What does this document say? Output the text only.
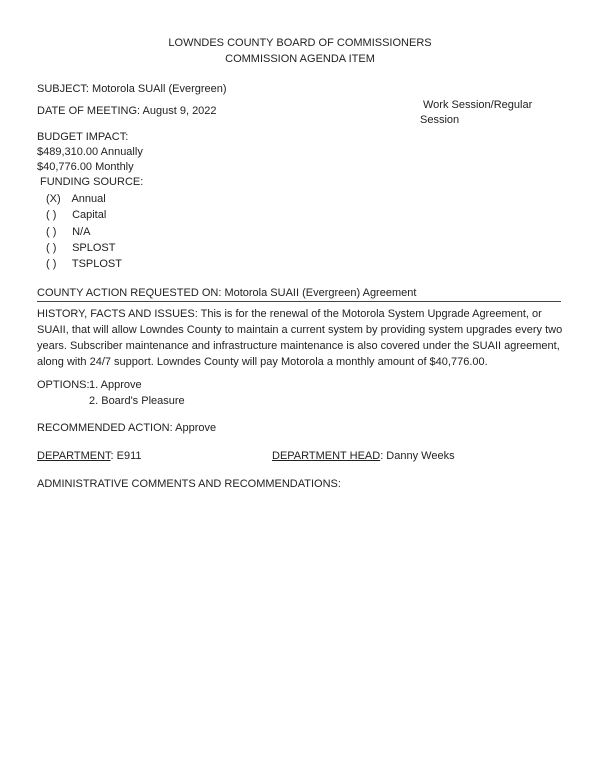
LOWNDES COUNTY BOARD OF COMMISSIONERS
COMMISSION AGENDA ITEM
SUBJECT: Motorola SUAll (Evergreen)
DATE OF MEETING: August 9, 2022	Work Session/Regular
Session
BUDGET IMPACT:
$489,310.00 Annually
$40,776.00 Monthly
FUNDING SOURCE:
(X) Annual
( ) Capital
( ) N/A
( ) SPLOST
( ) TSPLOST
COUNTY ACTION REQUESTED ON: Motorola SUAII (Evergreen) Agreement
HISTORY, FACTS AND ISSUES: This is for the renewal of the Motorola System Upgrade Agreement, or SUAII, that will allow Lowndes County to maintain a current system by providing system upgrades every two years. Subscriber maintenance and infrastructure maintenance is also covered under the SUAII agreement, along with 24/7 support. Lowndes County will pay Motorola a monthly amount of $40,776.00.
OPTIONS: 1. Approve
2. Board's Pleasure
RECOMMENDED ACTION: Approve
DEPARTMENT: E911	DEPARTMENT HEAD: Danny Weeks
ADMINISTRATIVE COMMENTS AND RECOMMENDATIONS:
